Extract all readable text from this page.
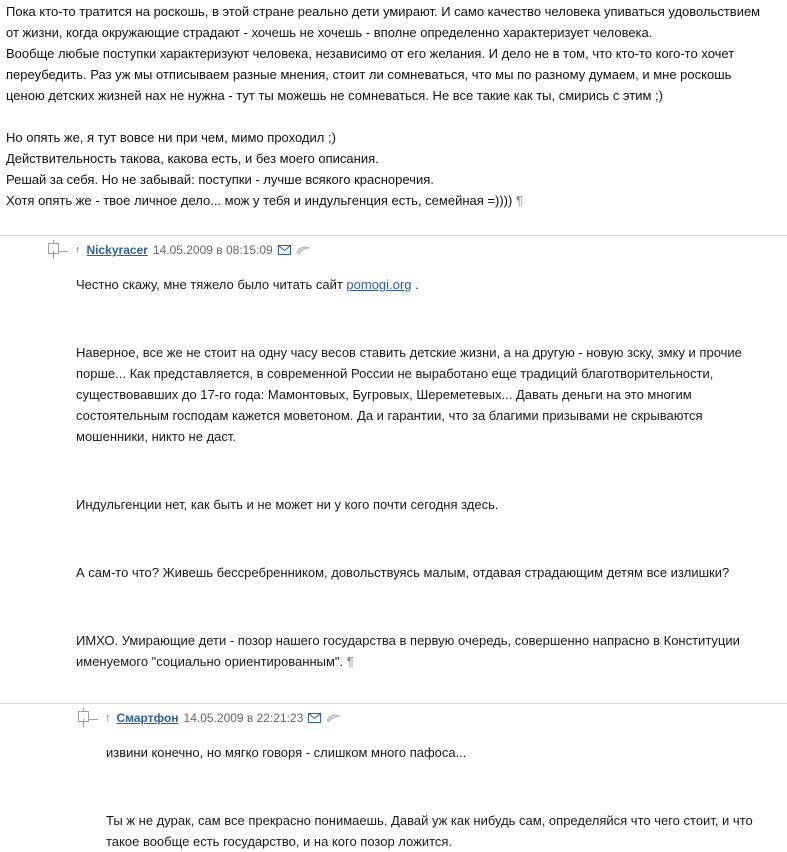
Пока кто-то тратится на роскошь, в этой стране реально дети умирают. И само качество человека упиваться удовольствием от жизни, когда окружающие страдают - хочешь не хочешь - вполне определенно характеризует человека.

Вообще любые поступки характеризуют человека, независимо от его желания. И дело не в том, что кто-то кого-то хочет переубедить. Раз уж мы отписываем разные мнения, стоит ли сомневаться, что мы по разному думаем, и мне роскошь ценою детских жизней нах не нужна - тут ты можешь не сомневаться. Не все такие как ты, смирись с этим ;)

Но опять же, я тут вовсе ни при чем, мимо проходил ;)

Действительность такова, какова есть, и без моего описания.

Решай за себя. Но не забывай: поступки - лучше всякого красноречия.

Хотя опять же - твое личное дело... мож у тебя и индульгенция есть, семейная =)))) ¶

↑ Nickyracer 14.05.2009 в 08:15:09

Честно скажу, мне тяжело было читать сайт pomogi.org .

Наверное, все же не стоит на одну часу весов ставить детские жизни, а на другую - новую зску, змку и прочие порше... Как представляется, в современной России не выработано еще традиций благотворительности, существовавших до 17-го года: Мамонтовых, Бугровых, Шереметевых... Давать деньги на это многим состоятельным господам кажется моветоном. Да и гарантии, что за благими призывами не скрываются мошенники, никто не даст.

Индульгенции нет, как быть и не может ни у кого почти сегодня здесь.

А сам-то что? Живешь бессребренником, довольствуясь малым, отдавая страдающим детям все излишки?

ИМХО. Умирающие дети - позор нашего государства в первую очередь, совершенно напрасно в Конституции именуемого "социально ориентированным". ¶

↑ Смартфон 14.05.2009 в 22:21:23

извини конечно, но мягко говоря - слишком много пафоса...

Ты ж не дурак, сам все прекрасно понимаешь. Давай уж как нибудь сам, определяйся что чего стоит, и что такое вообще есть государство, и на кого позор ложится.
